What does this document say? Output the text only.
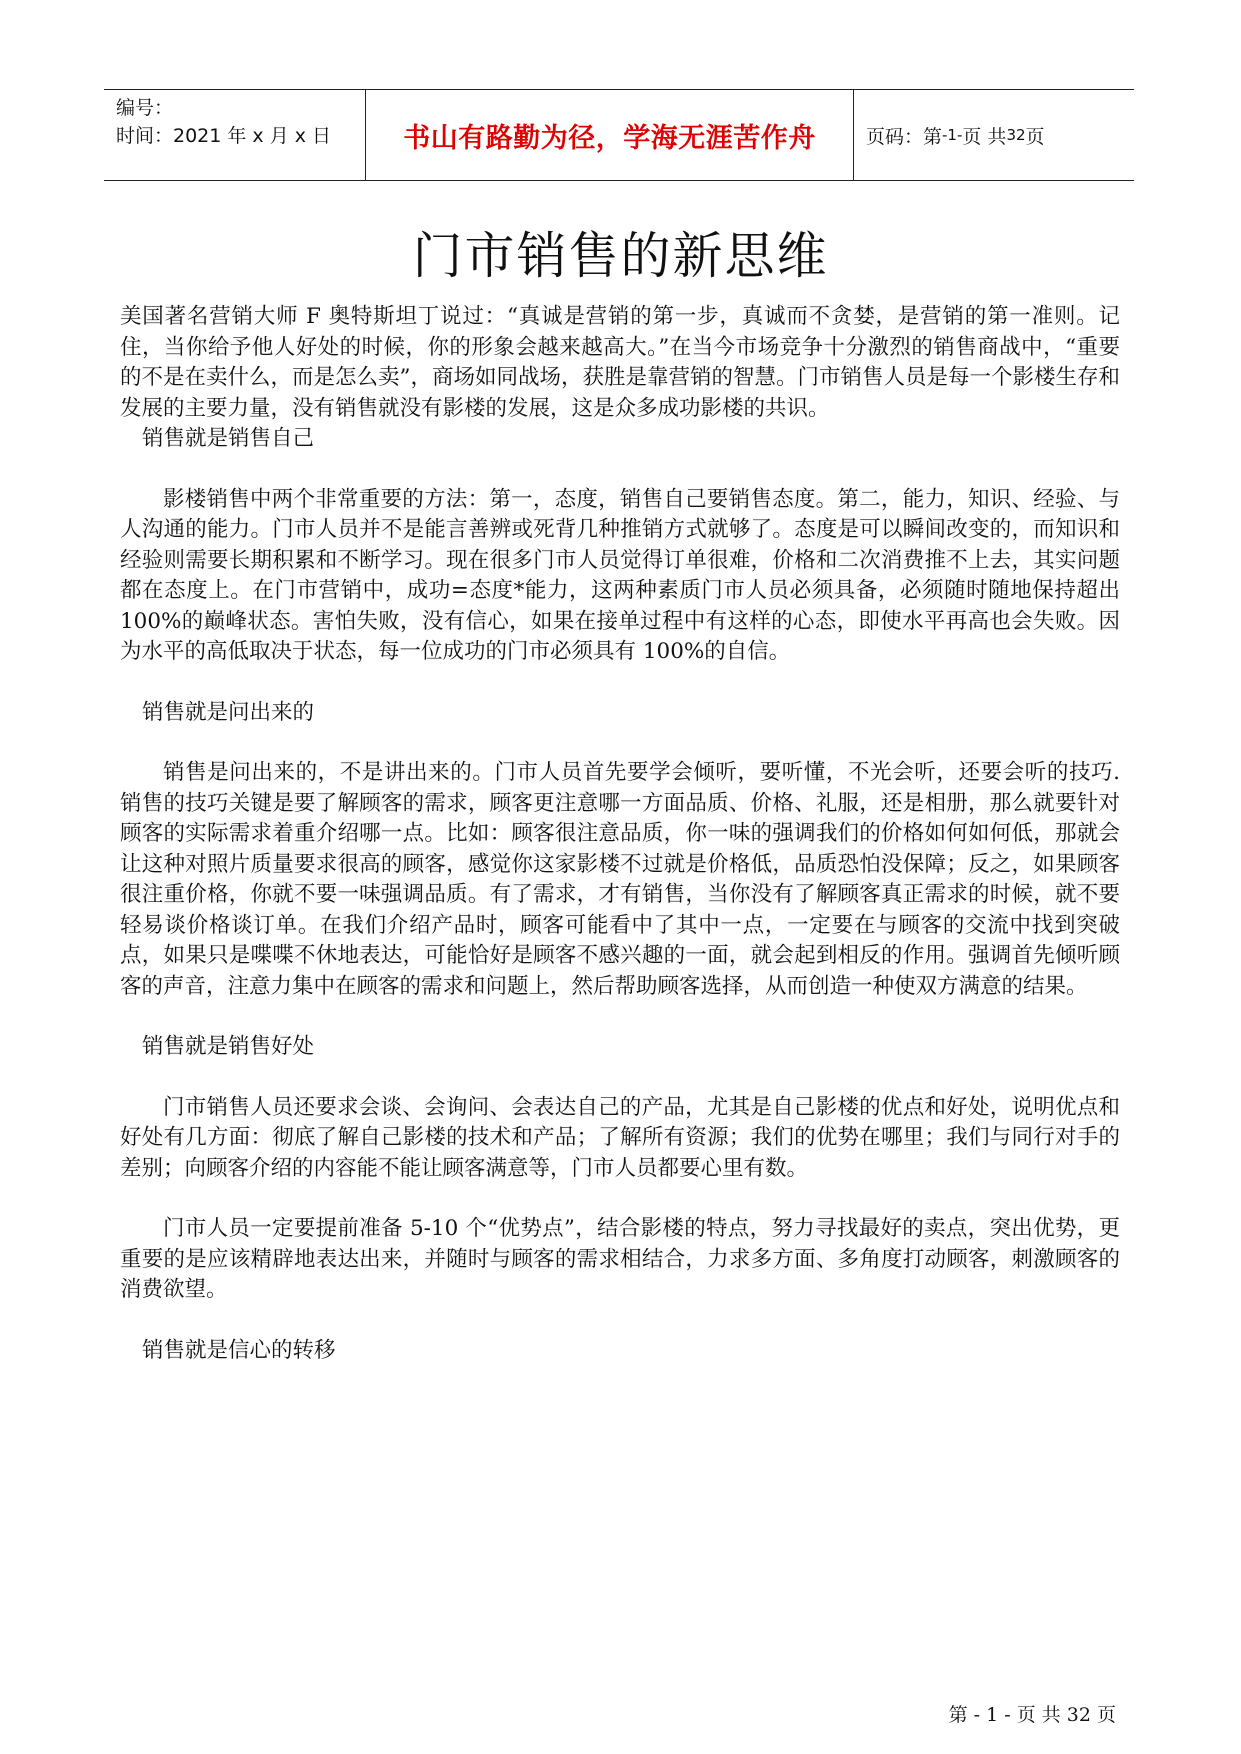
编号：
时间：2021 年 x 月 x 日	书山有路勤为径，学海无涯苦作舟	页码：第 -1- 页 共 32 页
门市销售的新思维

美国著名营销大师 F 奥特斯坦丁说过：“真诚是营销的第一步，真诚而不贪婪，是营销的第一准则。记住，当你给予他人好处的时候，你的形象会越来越高大。”在当今市场竞争十分激烈的销售商战中，“重要的不是在卖什么，而是怎么卖”，商场如同战场，获胜是靠营销的智慧。门市销售人员是每一个影楼生存和发展的主要力量，没有销售就没有影楼的发展，这是众多成功影楼的共识。

销售就是销售自己

影楼销售中两个非常重要的方法：第一，态度，销售自己要销售态度。第二，能力，知识、经验、与人沟通的能力。门市人员并不是能言善辨或死背几种推销方式就够了。态度是可以瞬间改变的，而知识和经验则需要长期积累和不断学习。现在很多门市人员觉得订单很难，价格和二次消费推不上去，其实问题都在态度上。在门市营销中，成功=态度*能力，这两种素质门市人员必须具备，必须随时随地保持超出 100%的巅峰状态。害怕失败，没有信心，如果在接单过程中有这样的心态，即使水平再高也会失败。因为水平的高低取决于状态，每一位成功的门市必须具有 100%的自信。

销售就是问出来的

销售是问出来的，不是讲出来的。门市人员首先要学会倾听，要听懂，不光会听，还要会听的技巧. 销售的技巧关键是要了解顾客的需求，顾客更注意哪一方面品质、价格、礼服，还是相册，那么就要针对顾客的实际需求着重介绍哪一点。比如：顾客很注意品质，你一味的强调我们的价格如何如何低，那就会让这种对照片质量要求很高的顾客，感觉你这家影楼不过就是价格低，品质恐怕没保障；反之，如果顾客很注重价格，你就不要一味强调品质。有了需求，才有销售，当你没有了解顾客真正需求的时候，就不要轻易谈价格谈订单。在我们介绍产品时，顾客可能看中了其中一点，一定要在与顾客的交流中找到突破点，如果只是喋喋不休地表达，可能恰好是顾客不感兴趣的一面，就会起到相反的作用。强调首先倾听顾客的声音，注意力集中在顾客的需求和问题上，然后帮助顾客选择，从而创造一种使双方满意的结果。

销售就是销售好处

门市销售人员还要求会谈、会询问、会表达自己的产品，尤其是自己影楼的优点和好处，说明优点和好处有几方面：彻底了解自己影楼的技术和产品；了解所有资源；我们的优势在哪里；我们与同行对手的差别；向顾客介绍的内容能不能让顾客满意等，门市人员都要心里有数。

门市人员一定要提前准备 5-10 个“优势点”，结合影楼的特点，努力寻找最好的卖点，突出优势，更重要的是应该精辟地表达出来，并随时与顾客的需求相结合，力求多方面、多角度打动顾客，刺激顾客的消费欲望。

销售就是信心的转移

第 - 1 - 页 共 32 页
